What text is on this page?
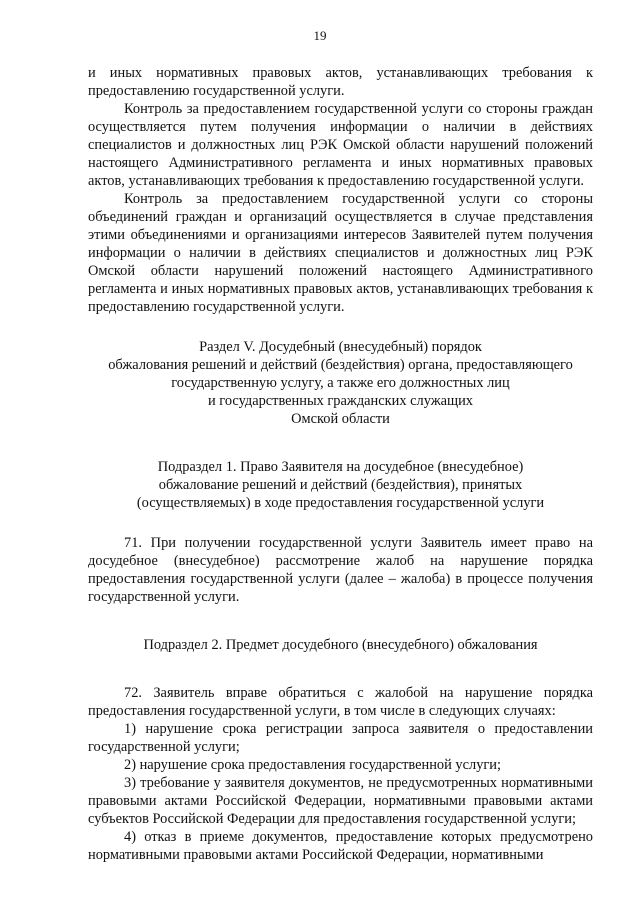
19

и иных нормативных правовых актов, устанавливающих требования к предоставлению государственной услуги.

Контроль за предоставлением государственной услуги со стороны граждан осуществляется путем получения информации о наличии в действиях специалистов и должностных лиц РЭК Омской области нарушений положений настоящего Административного регламента и иных нормативных правовых актов, устанавливающих требования к предоставлению государственной услуги.

Контроль за предоставлением государственной услуги со стороны объединений граждан и организаций осуществляется в случае представления этими объединениями и организациями интересов Заявителей путем получения информации о наличии в действиях специалистов и должностных лиц РЭК Омской области нарушений положений настоящего Административного регламента и иных нормативных правовых актов, устанавливающих требования к предоставлению государственной услуги.

Раздел V. Досудебный (внесудебный) порядок
обжалования решений и действий (бездействия) органа, предоставляющего
государственную услугу, а также его должностных лиц
и государственных гражданских служащих
Омской области
Подраздел 1. Право Заявителя на досудебное (внесудебное)
обжалование решений и действий (бездействия), принятых
(осуществляемых) в ходе предоставления государственной услуги

71. При получении государственной услуги Заявитель имеет право на досудебное (внесудебное) рассмотрение жалоб на нарушение порядка предоставления государственной услуги (далее – жалоба) в процессе получения государственной услуги.

Подраздел 2. Предмет досудебного (внесудебного) обжалования

72. Заявитель вправе обратиться с жалобой на нарушение порядка предоставления государственной услуги, в том числе в следующих случаях:

1) нарушение срока регистрации запроса заявителя о предоставлении государственной услуги;

2) нарушение срока предоставления государственной услуги;

3) требование у заявителя документов, не предусмотренных нормативными правовыми актами Российской Федерации, нормативными правовыми актами субъектов Российской Федерации для предоставления государственной услуги;

4) отказ в приеме документов, предоставление которых предусмотрено нормативными правовыми актами Российской Федерации, нормативными
